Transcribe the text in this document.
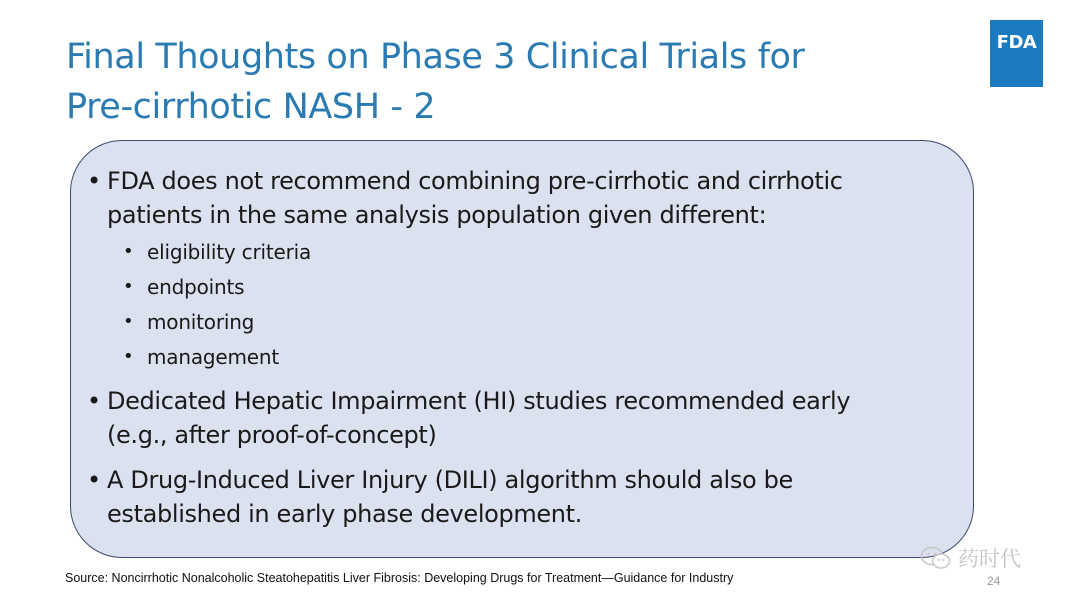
Final Thoughts on Phase 3 Clinical Trials for
Pre-cirrhotic NASH - 2
FDA
• FDA does not recommend combining pre-cirrhotic and cirrhotic
patients in the same analysis population given different:
• eligibility criteria
• endpoints
• monitoring
• management
• Dedicated Hepatic Impairment (HI) studies recommended early
(e.g., after proof-of-concept)
• A Drug-Induced Liver Injury (DILI) algorithm should also be
established in early phase development.
Source: Noncirrhotic Nonalcoholic Steatohepatitis Liver Fibrosis: Developing Drugs for Treatment—Guidance for Industry
药时代
24
